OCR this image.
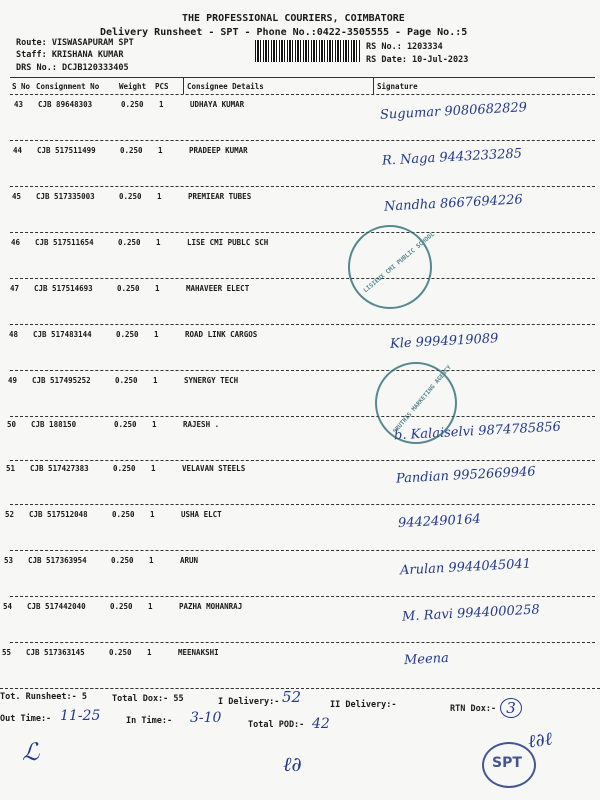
THE PROFESSIONAL COURIERS, COIMBATORE
Delivery Runsheet - SPT - Phone No.:0422-3505555 - Page No.:5
Route: VISWASAPURAM SPT
Staff: KRISHANA KUMAR
DRS No.: DCJB120333405
RS No.: 1203334
RS Date: 10-Jul-2023
S No Consignment No	Weight PCS Consignee Details	Signature
43 CJB 89648303	0.250 1	UDHAYA KUMAR	Sugumar 9080682829
44 CJB 517511499	0.250 1	PRADEEP KUMAR	R. Naga 9443233285
45 CJB 517335003	0.250 1	PREMIEAR TUBES	Nandha 8667694226
46 CJB 517511654	0.250 1	LISE CMI PUBLC SCH
47 CJB 517514693	0.250 1	MAHAVEER ELECT
48 CJB 517483144	0.250 1	ROAD LINK CARGOS	Kle 9994919089
49 CJB 517495252	0.250 1	SYNERGY TECH
50 CJB 188150	0.250 1	RAJESH .	b. Kalaiselvi 9874785856
51 CJB 517427383	0.250 1	VELAVAN STEELS	Pandian 9952669946
52 CJB 517512048	0.250 1	USHA ELCT	9442490164
53 CJB 517363954	0.250 1	ARUN	Arulan 9944045041
54 CJB 517442040	0.250 1	PAZHA MOHANRAJ	M. Ravi 9944000258
55 CJB 517363145	0.250 1	MEENAKSHI	Meena
LISIEUX CMI PUBLIC SCHOOL
SRUTHIS MARKETING AGENCY
SPT
Tot. Runsheet:- 5	Total Dox:- 55	I Delivery:- 52	II Delivery:-	RTN Dox:- 3
Out Time:- 11-25	In Time:- 3-10	Total POD:- 42
ℒ	ℓ∂
ℓ∂ℓ
